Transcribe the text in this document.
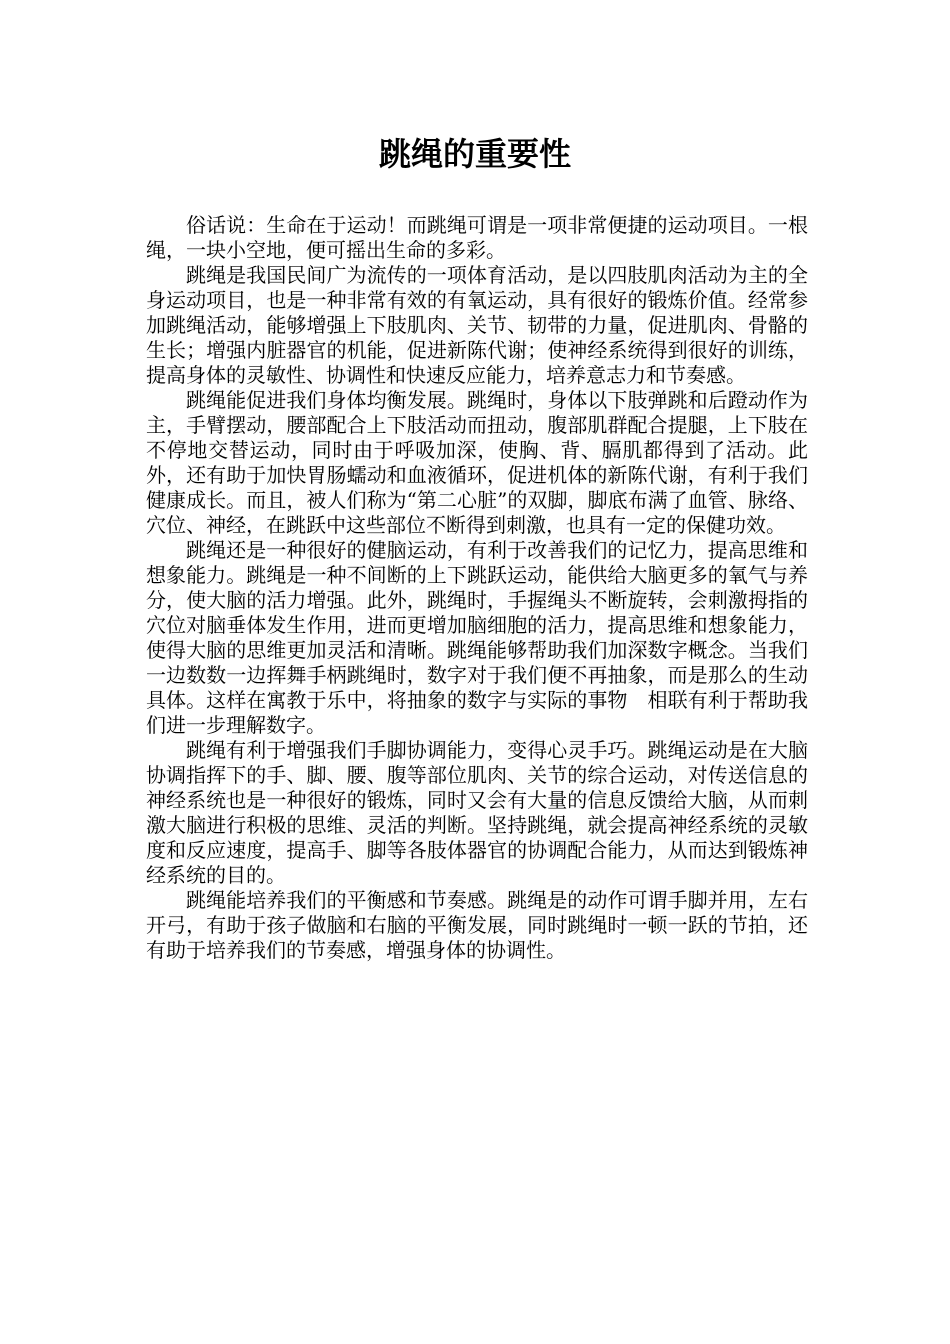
跳绳的重要性

俗话说：生命在于运动！而跳绳可谓是一项非常便捷的运动项目。一根绳，一块小空地，便可摇出生命的多彩。

跳绳是我国民间广为流传的一项体育活动，是以四肢肌肉活动为主的全身运动项目，也是一种非常有效的有氧运动，具有很好的锻炼价值。经常参加跳绳活动，能够增强上下肢肌肉、关节、韧带的力量，促进肌肉、骨骼的生长；增强内脏器官的机能，促进新陈代谢；使神经系统得到很好的训练，提高身体的灵敏性、协调性和快速反应能力，培养意志力和节奏感。

跳绳能促进我们身体均衡发展。跳绳时，身体以下肢弹跳和后蹬动作为主，手臂摆动，腰部配合上下肢活动而扭动，腹部肌群配合提腿，上下肢在不停地交替运动，同时由于呼吸加深，使胸、背、膈肌都得到了活动。此外，还有助于加快胃肠蠕动和血液循环，促进机体的新陈代谢，有利于我们健康成长。而且，被人们称为“第二心脏”的双脚，脚底布满了血管、脉络、穴位、神经，在跳跃中这些部位不断得到刺激，也具有一定的保健功效。

跳绳还是一种很好的健脑运动，有利于改善我们的记忆力，提高思维和想象能力。跳绳是一种不间断的上下跳跃运动，能供给大脑更多的氧气与养分，使大脑的活力增强。此外，跳绳时，手握绳头不断旋转，会刺激拇指的穴位对脑垂体发生作用，进而更增加脑细胞的活力，提高思维和想象能力，使得大脑的思维更加灵活和清晰。跳绳能够帮助我们加深数字概念。当我们一边数数一边挥舞手柄跳绳时，数字对于我们便不再抽象，而是那么的生动具体。这样在寓教于乐中，将抽象的数字与实际的事物　相联有利于帮助我们进一步理解数字。

跳绳有利于增强我们手脚协调能力，变得心灵手巧。跳绳运动是在大脑协调指挥下的手、脚、腰、腹等部位肌肉、关节的综合运动，对传送信息的神经系统也是一种很好的锻炼，同时又会有大量的信息反馈给大脑，从而刺激大脑进行积极的思维、灵活的判断。坚持跳绳，就会提高神经系统的灵敏度和反应速度，提高手、脚等各肢体器官的协调配合能力，从而达到锻炼神经系统的目的。

跳绳能培养我们的平衡感和节奏感。跳绳是的动作可谓手脚并用，左右开弓，有助于孩子做脑和右脑的平衡发展，同时跳绳时一顿一跃的节拍，还有助于培养我们的节奏感，增强身体的协调性。
